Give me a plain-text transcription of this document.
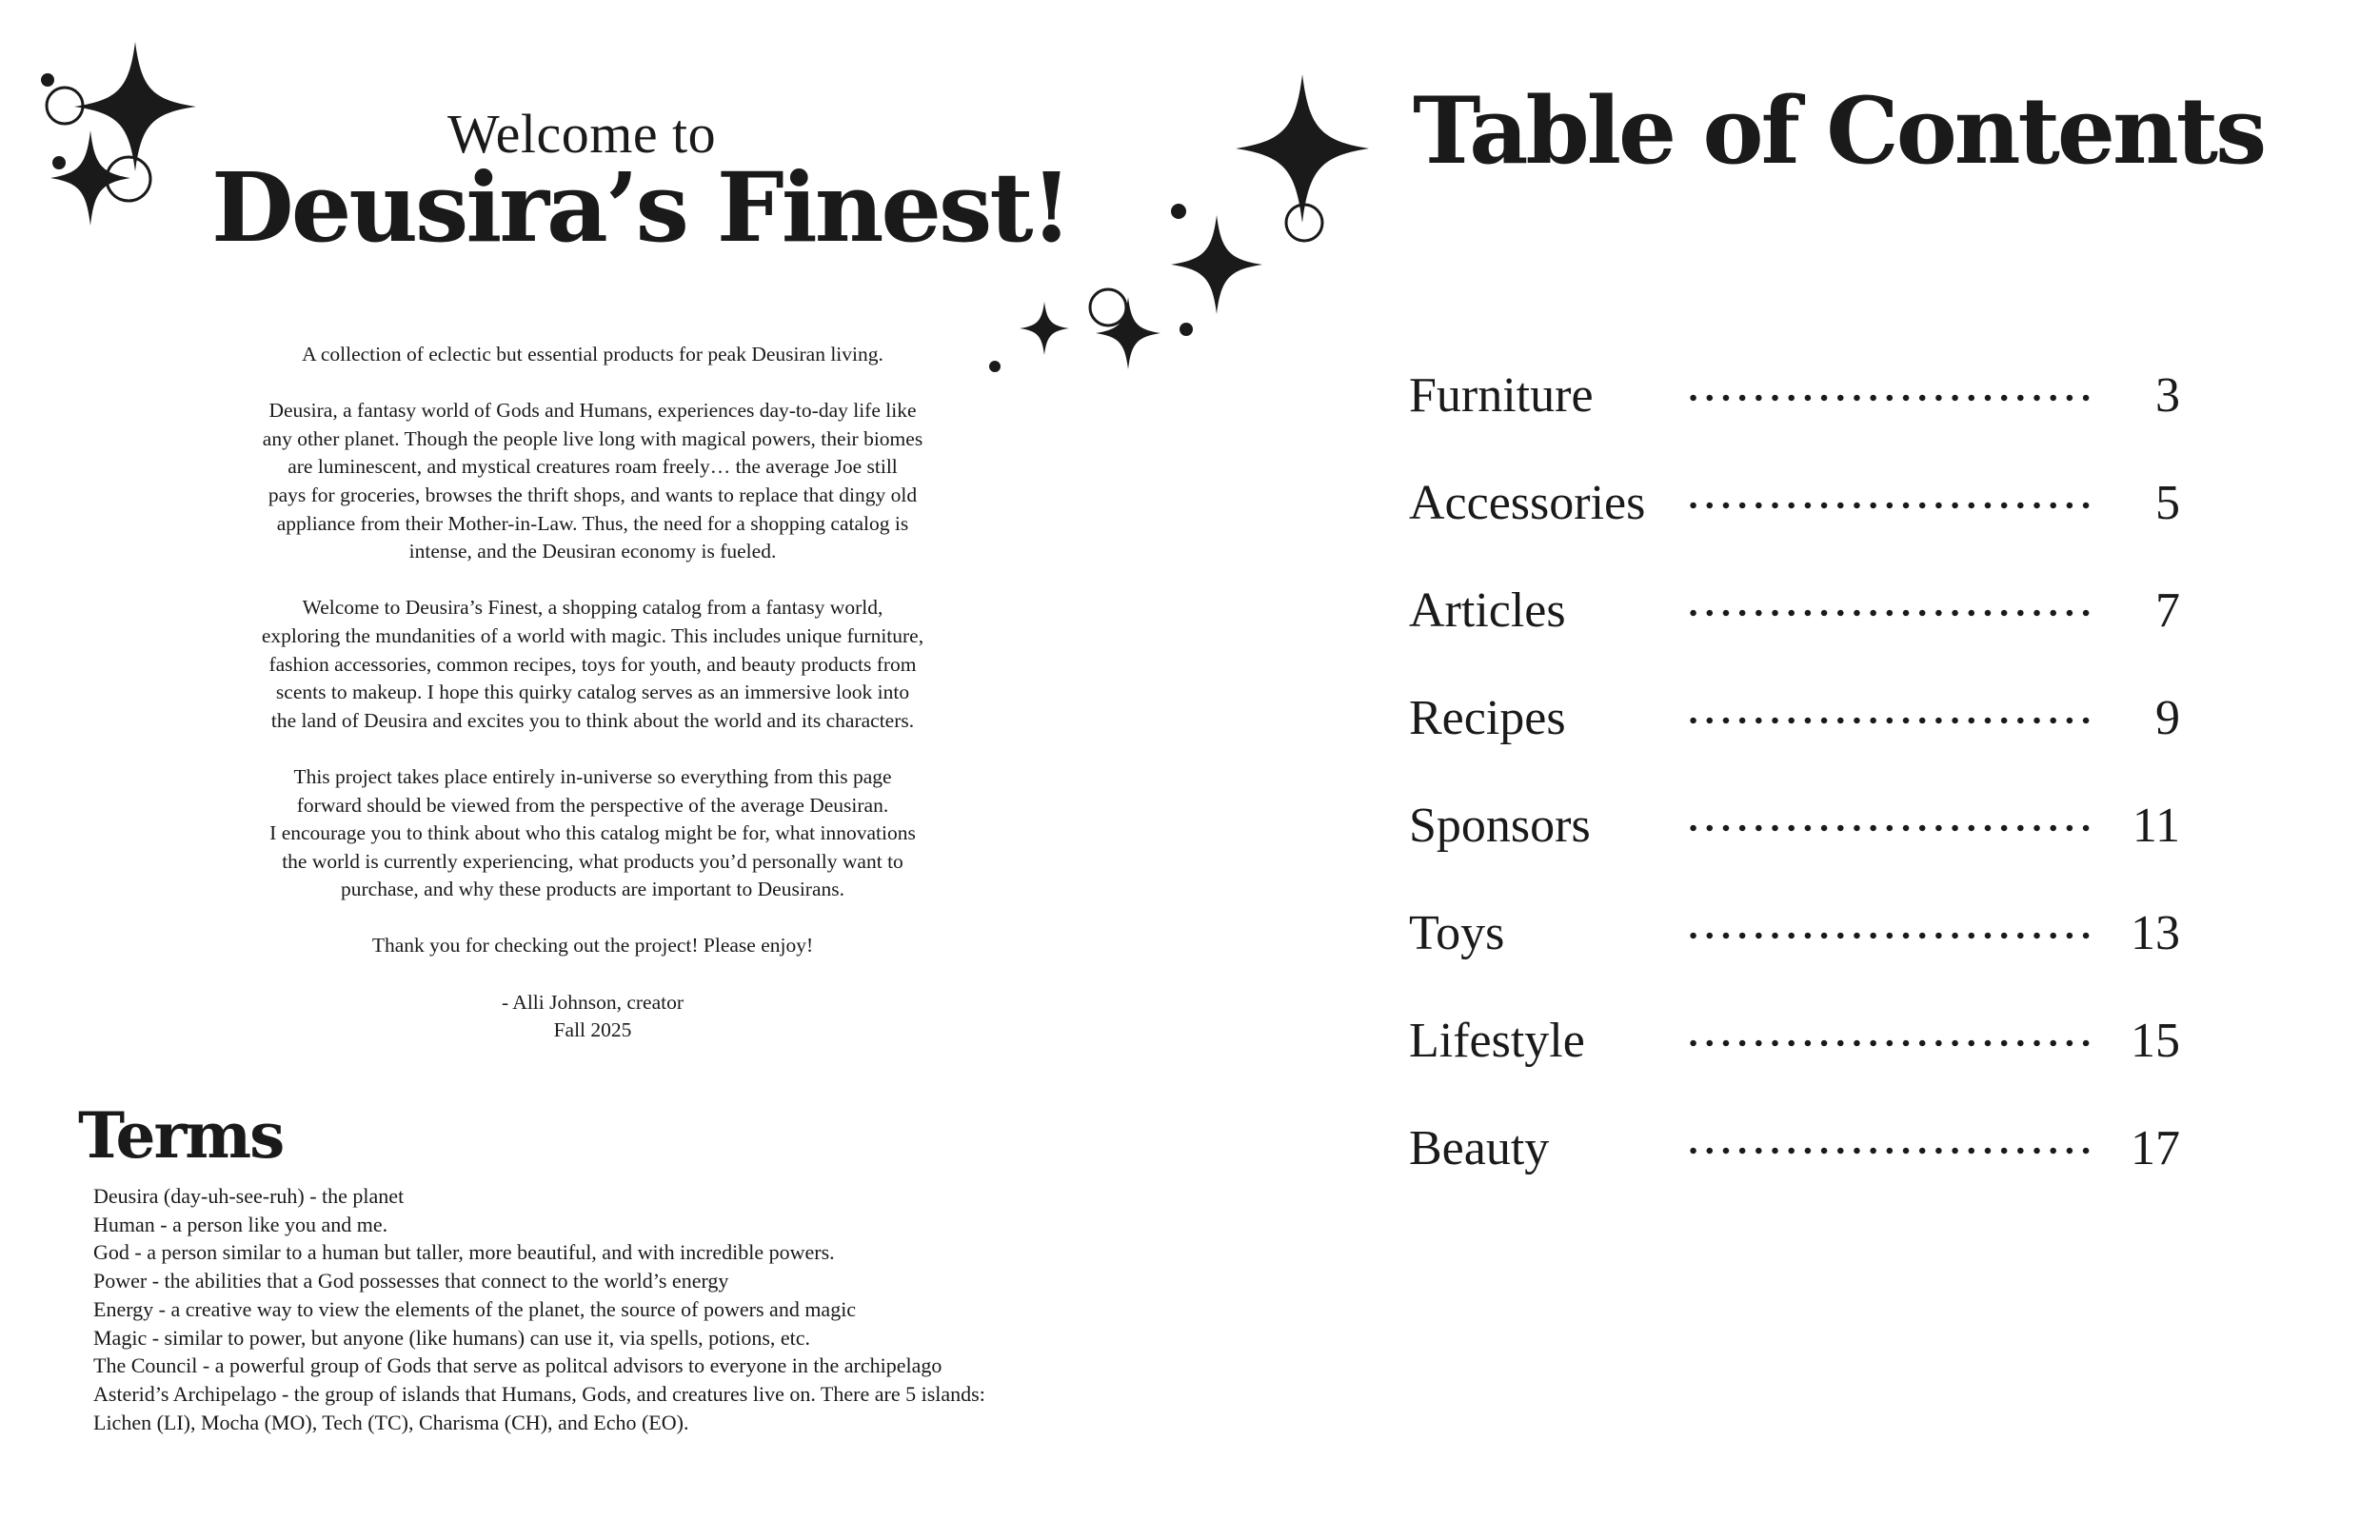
Welcome to
Deusira’s Finest!

A collection of eclectic but essential products for peak Deusiran living.

Deusira, a fantasy world of Gods and Humans, experiences day-to-day life like
any other planet. Though the people live long with magical powers, their biomes
are luminescent, and mystical creatures roam freely… the average Joe still
pays for groceries, browses the thrift shops, and wants to replace that dingy old
appliance from their Mother-in-Law. Thus, the need for a shopping catalog is
intense, and the Deusiran economy is fueled.

Welcome to Deusira’s Finest, a shopping catalog from a fantasy world,
exploring the mundanities of a world with magic. This includes unique furniture,
fashion accessories, common recipes, toys for youth, and beauty products from
scents to makeup. I hope this quirky catalog serves as an immersive look into
the land of Deusira and excites you to think about the world and its characters.

This project takes place entirely in-universe so everything from this page
forward should be viewed from the perspective of the average Deusiran.
I encourage you to think about who this catalog might be for, what innovations
the world is currently experiencing, what products you’d personally want to
purchase, and why these products are important to Deusirans.

Thank you for checking out the project! Please enjoy!

- Alli Johnson, creator
Fall 2025

Terms
Deusira (day-uh-see-ruh) - the planet
Human - a person like you and me.
God - a person similar to a human but taller, more beautiful, and with incredible powers.
Power - the abilities that a God possesses that connect to the world’s energy
Energy - a creative way to view the elements of the planet, the source of powers and magic
Magic - similar to power, but anyone (like humans) can use it, via spells, potions, etc.
The Council - a powerful group of Gods that serve as politcal advisors to everyone in the archipelago
Asterid’s Archipelago - the group of islands that Humans, Gods, and creatures live on. There are 5 islands:
Lichen (LI), Mocha (MO), Tech (TC), Charisma (CH), and Echo (EO).
Table of Contents
Furniture	3
Accessories	5
Articles	7
Recipes	9
Sponsors	11
Toys	13
Lifestyle	15
Beauty	17
